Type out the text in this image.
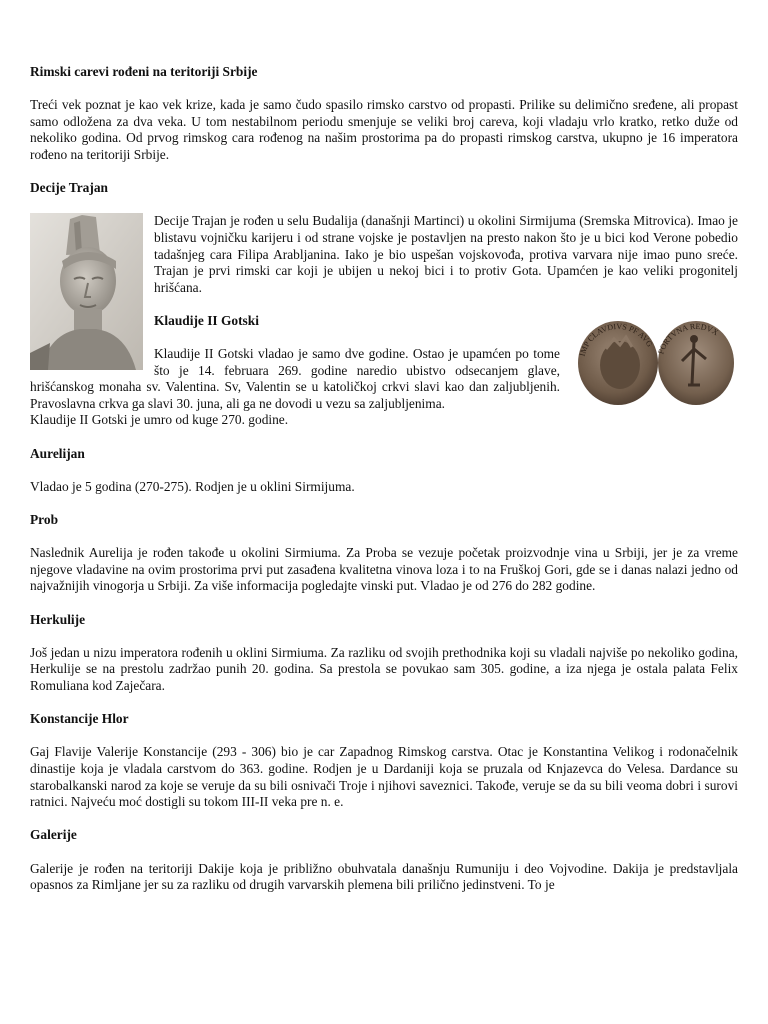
Rimski carevi rođeni na teritoriji Srbije

Treći vek poznat je kao vek krize, kada je samo čudo spasilo rimsko carstvo od propasti. Prilike su delimično sređene, ali propast samo odložena za dva veka. U tom nestabilnom periodu smenjuje se veliki broj careva, koji vladaju vrlo kratko, retko duže od nekoliko godina. Od prvog rimskog cara rođenog na našim prostorima pa do propasti rimskog carstva, ukupno je 16 imperatora rođeno na teritoriji Srbije.

Decije Trajan

Decije Trajan je rođen u selu Budalija (današnji Martinci) u okolini Sirmijuma (Sremska Mitrovica). Imao je blistavu vojničku karijeru i od strane vojske je postavljen na presto nakon što je u bici kod Verone pobedio tadašnjeg cara Filipa Arabljanina. Iako je bio uspešan vojskovođa, protiva varvara nije imao puno sreće. Trajan je prvi rimski car koji je ubijen u nekoj bici i to protiv Gota. Upamćen je kao veliki progonitelj hrišćana.

IMP CLAVDIVS PF AVG
FORTVNA REDVX
Klaudije II Gotski

Klaudije II Gotski vladao je samo dve godine. Ostao je upamćen po tome što je 14. februara 269. godine naredio ubistvo odsecanjem glave, hrišćanskog monaha sv. Valentina. Sv, Valentin se u katoličkoj crkvi slavi kao dan zaljubljenih. Pravoslavna crkva ga slavi 30. juna, ali ga ne dovodi u vezu sa zaljubljenima.

Klaudije II Gotski je umro od kuge 270. godine.

Aurelijan

Vladao je 5 godina (270-275). Rodjen je u oklini Sirmijuma.

Prob

Naslednik Aurelija je rođen takođe u okolini Sirmiuma. Za Proba se vezuje početak proizvodnje vina u Srbiji, jer je za vreme njegove vladavine na ovim prostorima prvi put zasađena kvalitetna vinova loza i to na Fruškoj Gori, gde se i danas nalazi jedno od najvažnijih vinogorja u Srbiji. Za više informacija pogledajte vinski put. Vladao je od 276 do 282 godine.

Herkulije

Još jedan u nizu imperatora rođenih u oklini Sirmiuma. Za razliku od svojih prethodnika koji su vladali najviše po nekoliko godina, Herkulije se na prestolu zadržao punih 20. godina. Sa prestola se povukao sam 305. godine, a iza njega je ostala palata Felix Romuliana kod Zaječara.

Konstancije Hlor

Gaj Flavije Valerije Konstancije (293 - 306) bio je car Zapadnog Rimskog carstva. Otac je Konstantina Velikog i rodonačelnik dinastije koja je vladala carstvom do 363. godine. Rodjen je u Dardaniji koja se pruzala od Knjazevca do Velesa. Dardance su starobalkanski narod za koje se veruje da su bili osnivači Troje i njihovi saveznici. Takođe, veruje se da su bili veoma dobri i surovi ratnici. Najveću moć dostigli su tokom III-II veka pre n. e.

Galerije

Galerije je rođen na teritoriji Dakije koja je približno obuhvatala današnju Rumuniju i deo Vojvodine. Dakija je predstavljala opasnos za Rimljane jer su za razliku od drugih varvarskih plemena bili prilično jedinstveni. To je
